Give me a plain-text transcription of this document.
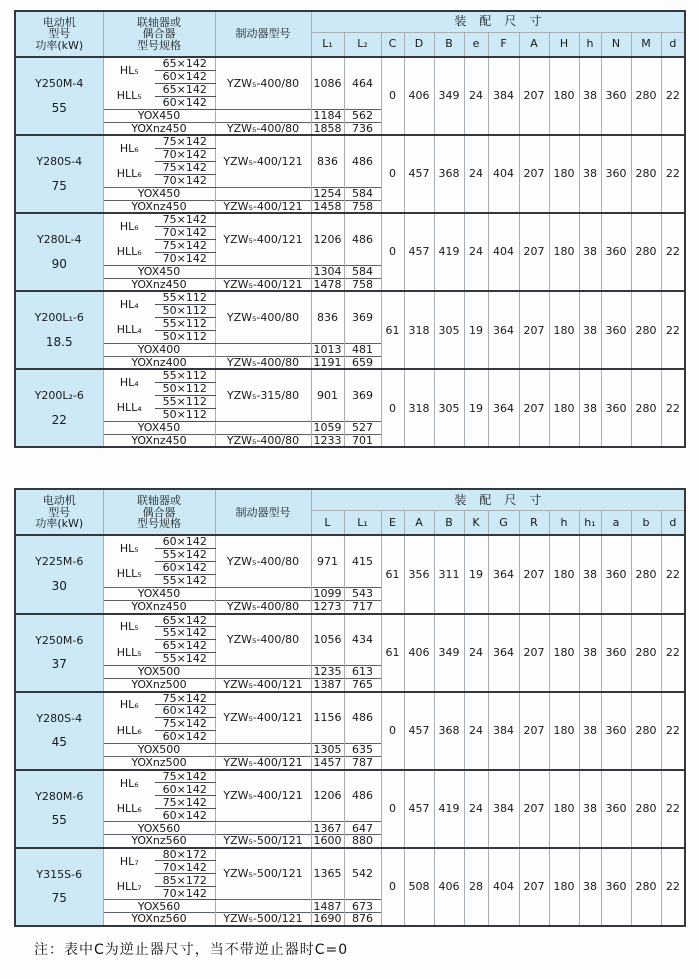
电动机
型号
功率(kW)

联轴器或
偶合器
型号规格
	制动器型号	装配尺寸
				L₁	L₂	C	D	B	e	F	A	H	h	N	M	d

Y250M-4
55	HL₅	65×142	YZW₅-400/80	1086	464	0	406	349	24	384	207	180	38	360	280	22
		60×142														
	HLL₅	65×142														
		60×142														
	YOX450			1184	562											
	YOXnz450		YZW₅-400/80	1858	736											

Y280S-4
75	HL₆	75×142	YZW₅-400/121	836	486	0	457	368	24	404	207	180	38	360	280	22
		70×142														
	HLL₆	75×142														
		70×142														
	YOX450			1254	584											
	YOXnz450		YZW₅-400/121	1458	758											

Y280L-4
90	HL₆	75×142	YZW₅-400/121	1206	486	0	457	419	24	404	207	180	38	360	280	22
		70×142														
	HLL₆	75×142														
		70×142														
	YOX450			1304	584											
	YOXnz450		YZW₅-400/121	1478	758											

Y200L₁-6
18.5	HL₄	55×112	YZW₅-400/80	836	369	61	318	305	19	364	207	180	38	360	280	22
		50×112														
	HLL₄	55×112														
		50×112														
	YOX400			1013	481											
	YOXnz400		YZW₅-400/80	1191	659											

Y200L₂-6
22	HL₄	55×112	YZW₅-315/80	901	369	0	318	305	19	364	207	180	38	360	280	22
		50×112														
	HLL₄	55×112														
		50×112														
	YOX450			1059	527											
	YOXnz450		YZW₅-400/80	1233	701											
电动机
型号
功率(kW)

联轴器或
偶合器
型号规格
	制动器型号	装配尺寸
				L	L₁	E	A	B	K	G	R	h	h₁	a	b	d

Y225M-6
30	HL₅	60×142	YZW₅-400/80	971	415	61	356	311	19	364	207	180	38	360	280	22
		55×142														
	HLL₅	60×142														
		55×142														
	YOX450			1099	543											
	YOXnz450		YZW₅-400/80	1273	717											

Y250M-6
37	HL₅	65×142	YZW₅-400/80	1056	434	61	406	349	24	364	207	180	38	360	280	22
		55×142														
	HLL₅	65×142														
		55×142														
	YOX500			1235	613											
	YOXnz500		YZW₅-400/121	1387	765											

Y280S-4
45	HL₆	75×142	YZW₅-400/121	1156	486	0	457	368	24	384	207	180	38	360	280	22
		60×142														
	HLL₆	75×142														
		60×142														
	YOX500			1305	635											
	YOXnz500		YZW₅-400/121	1457	787											

Y280M-6
55	HL₆	75×142	YZW₅-400/121	1206	486	0	457	419	24	384	207	180	38	360	280	22
		60×142														
	HLL₆	75×142														
		60×142														
	YOX560			1367	647											
	YOXnz560		YZW₅-500/121	1600	880											

Y315S-6
75	HL₇	80×172	YZW₅-500/121	1365	542	0	508	406	28	404	207	180	38	360	280	22
		70×142														
	HLL₇	85×172														
		70×142														
	YOX560			1487	673											
	YOXnz560		YZW₅-500/121	1690	876											
注：表中C为逆止器尺寸，当不带逆止器时C=0
